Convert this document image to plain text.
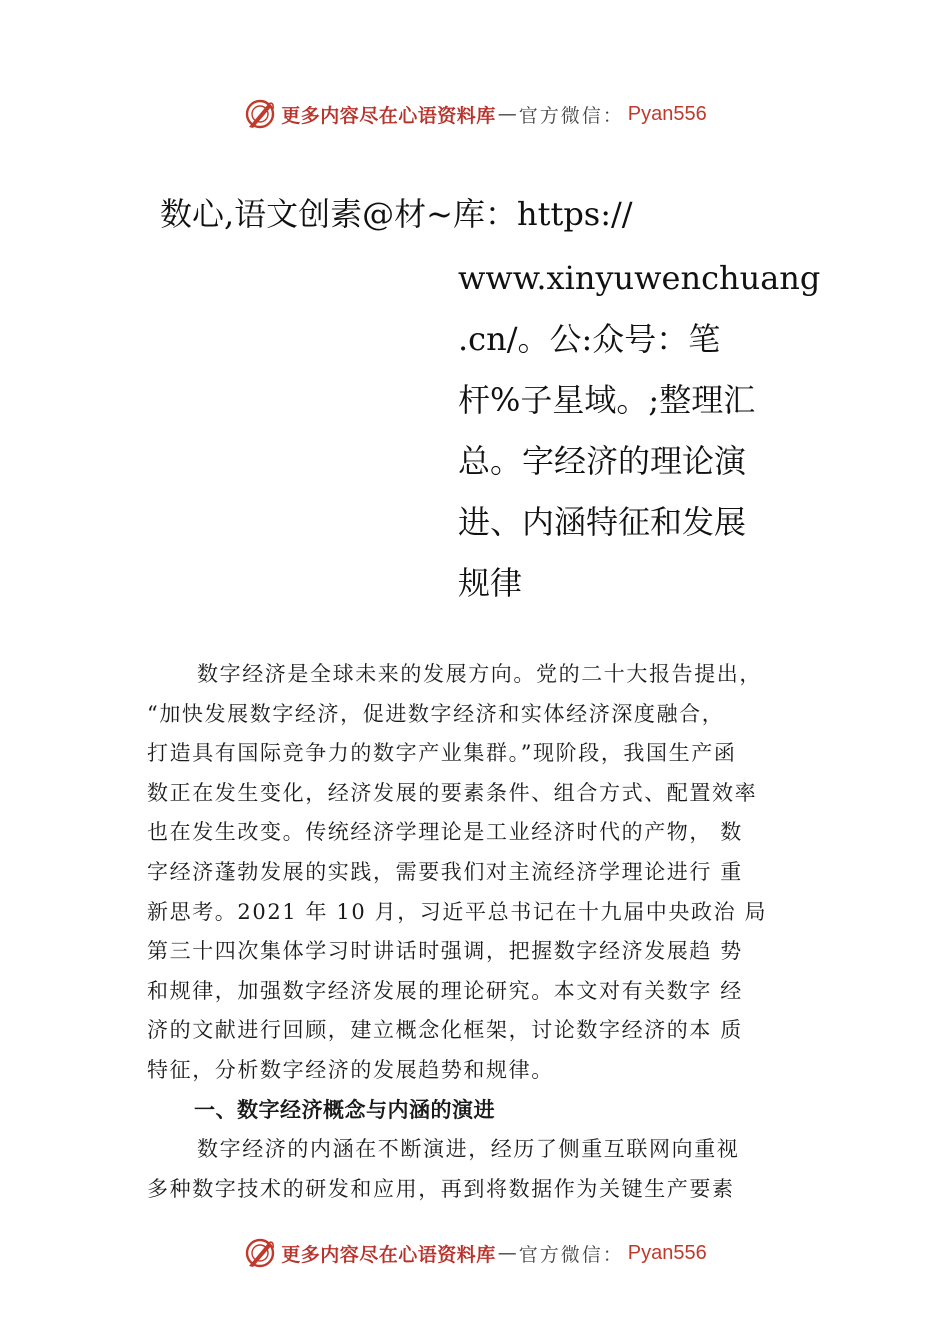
更多内容尽在心语资料库 — 官方微信： Pyan556
数心,语文创素@材~库：https://
www.xinyuwenchuang
.cn/。公:众号：笔
杆%子星域。;整理汇
总。字经济的理论演
进、内涵特征和发展
规律

数字经济是全球未来的发展方向。党的二十大报告提出，

“加快发展数字经济，促进数字经济和实体经济深度融合，

打造具有国际竞争力的数字产业集群。”现阶段，我国生产函

数正在发生变化，经济发展的要素条件、组合方式、配置效率

也在发生改变。传统经济学理论是工业经济时代的产物， 数

字经济蓬勃发展的实践，需要我们对主流经济学理论进行 重

新思考。2021 年 10 月，习近平总书记在十九届中央政治 局

第三十四次集体学习时讲话时强调，把握数字经济发展趋 势

和规律，加强数字经济发展的理论研究。本文对有关数字 经

济的文献进行回顾，建立概念化框架，讨论数字经济的本 质

特征，分析数字经济的发展趋势和规律。

一、数字经济概念与内涵的演进

数字经济的内涵在不断演进，经历了侧重互联网向重视

多种数字技术的研发和应用，再到将数据作为关键生产要素

更多内容尽在心语资料库 — 官方微信： Pyan556
